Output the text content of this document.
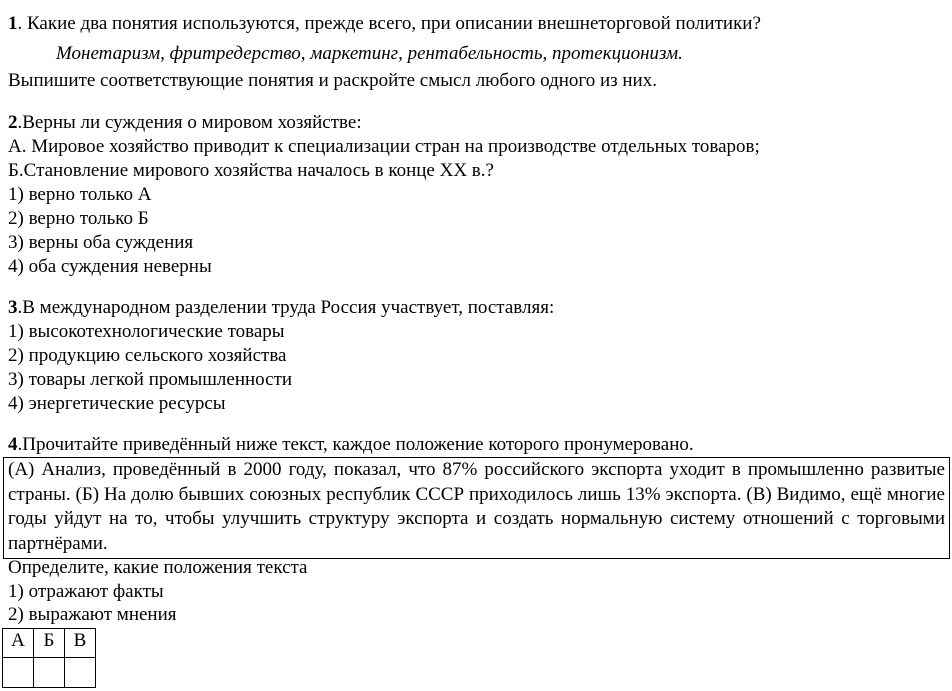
1. Какие два понятия используются, прежде всего, при описании внешнеторговой политики?
Монетаризм, фритредерство, маркетинг, рентабельность, протекционизм.
Выпишите соответствующие понятия и раскройте смысл любого одного из них.
2.Верны ли суждения о мировом хозяйстве:
А. Мировое хозяйство приводит к специализации стран на производстве отдельных товаров;
Б.Становление мирового хозяйства началось в конце XX в.?
1) верно только А
2) верно только Б
3) верны оба суждения
4) оба суждения неверны
3.В международном разделении труда Россия участвует, поставляя:
1) высокотехнологические товары
2) продукцию сельского хозяйства
3) товары легкой промышленности
4) энергетические ресурсы
4.Прочитайте приведённый ниже текст, каждое положение которого пронумеровано.
(А) Анализ, проведённый в 2000 году, показал, что 87% российского экспорта уходит в промышленно развитые страны. (Б) На долю бывших союзных республик СССР приходилось лишь 13% экспорта. (В) Видимо, ещё многие годы уйдут на то, чтобы улучшить структуру экспорта и создать нормальную систему отношений с торговыми партнёрами.
Определите, какие положения текста
1) отражают факты
2) выражают мнения
А	Б	В
